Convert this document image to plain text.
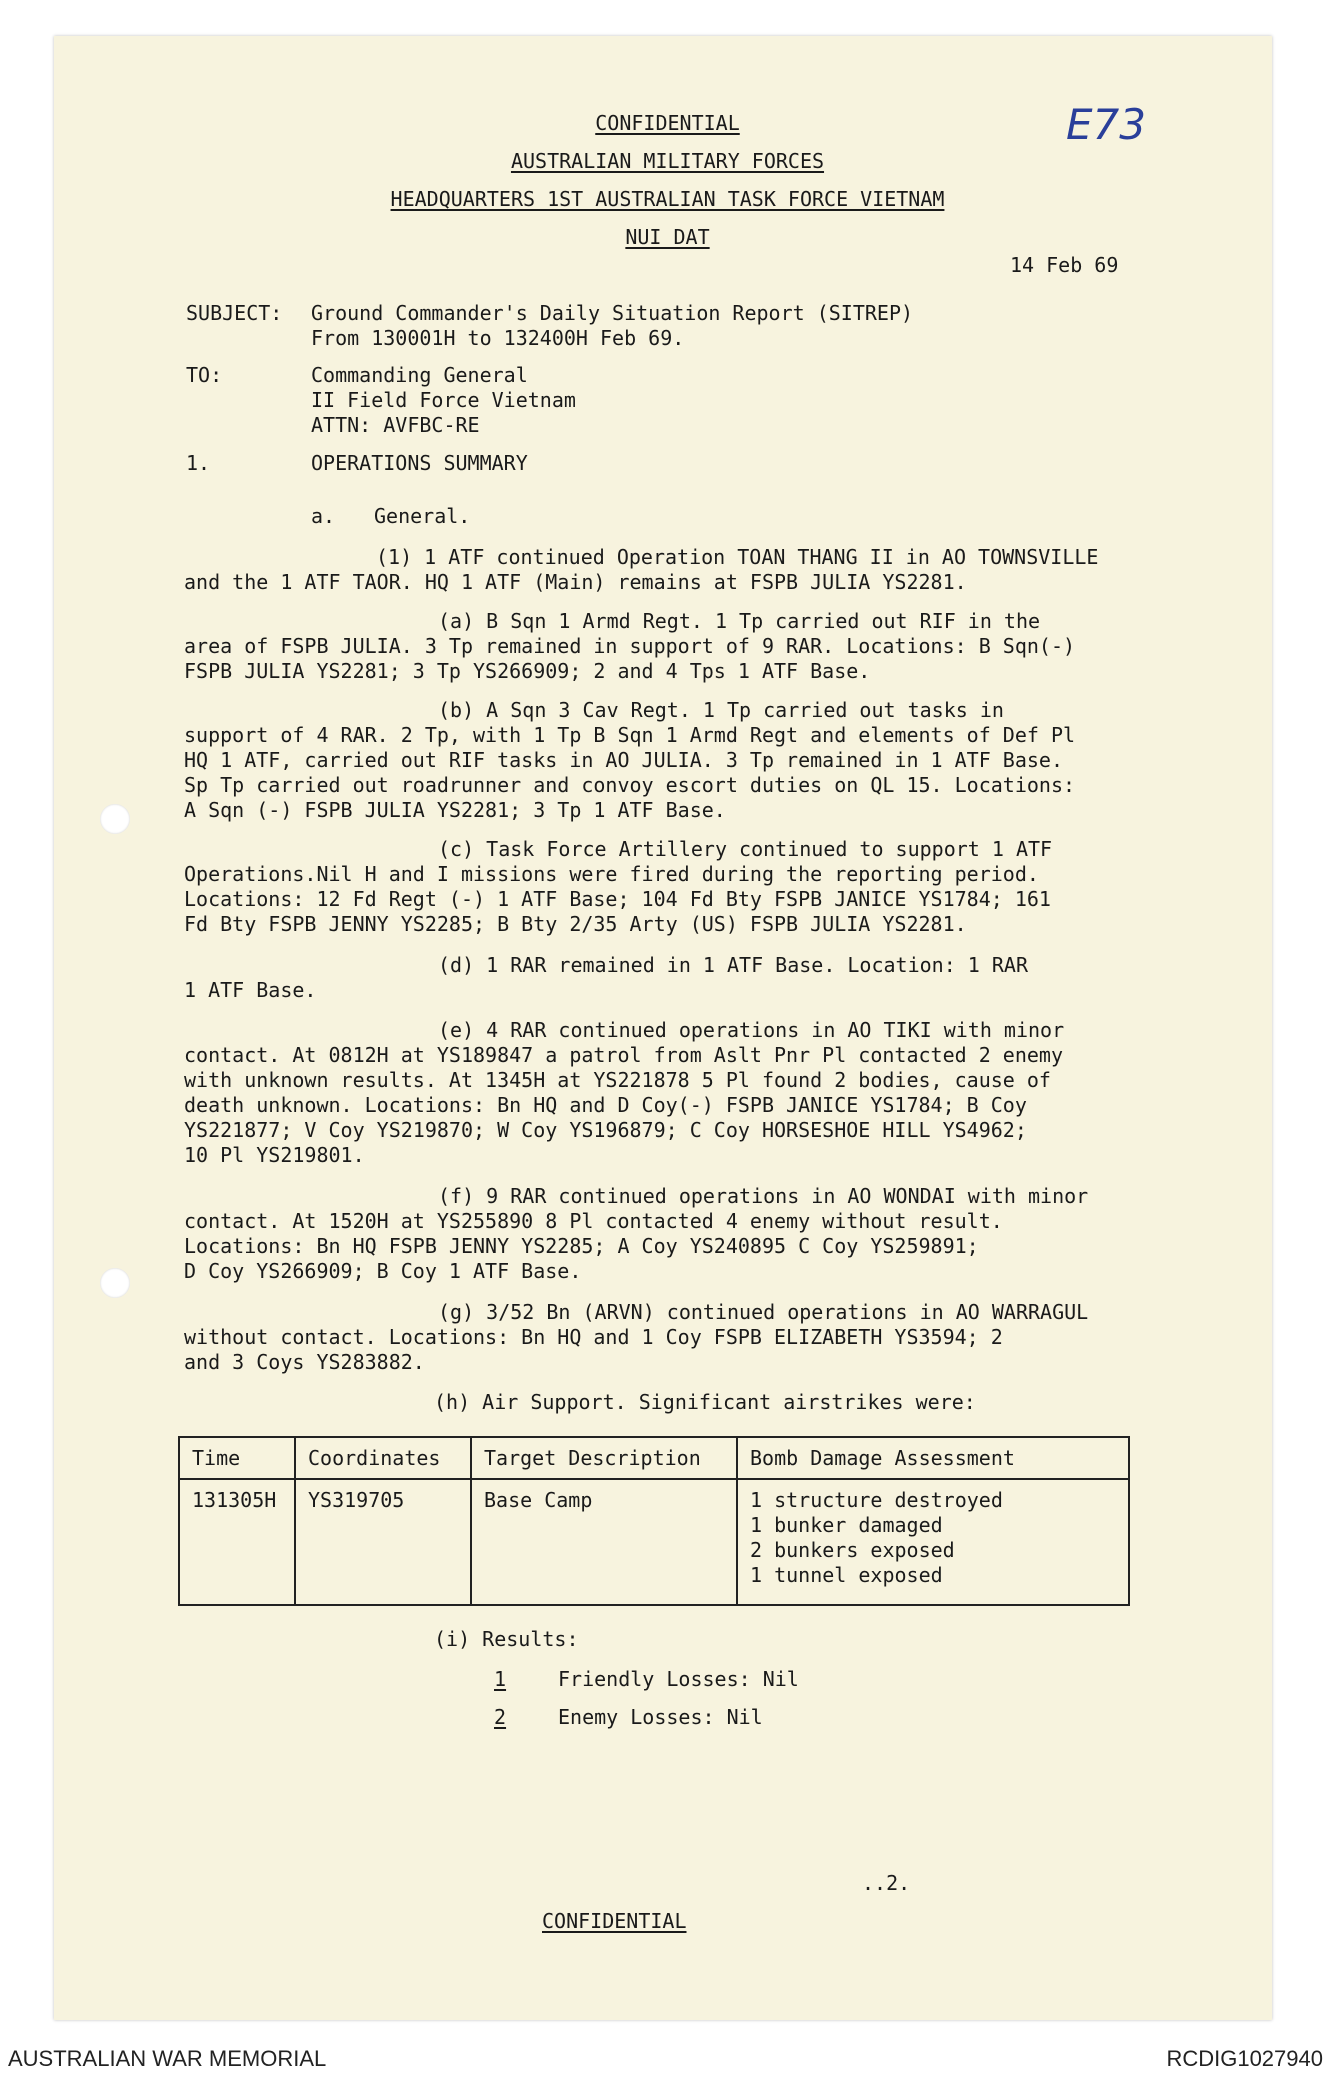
CONFIDENTIAL
AUSTRALIAN MILITARY FORCES
HEADQUARTERS 1ST AUSTRALIAN TASK FORCE VIETNAM
NUI DAT
E73
14 Feb 69
SUBJECT: Ground Commander's Daily Situation Report (SITREP)
From 130001H to 132400H Feb 69.
TO:	Commanding General
II Field Force Vietnam
ATTN: AVFBC-RE
1.	OPERATIONS SUMMARY
a. General.
(1) 1 ATF continued Operation TOAN THANG II in AO TOWNSVILLE
and the 1 ATF TAOR. HQ 1 ATF (Main) remains at FSPB JULIA YS2281.
(a) B Sqn 1 Armd Regt. 1 Tp carried out RIF in the
area of FSPB JULIA. 3 Tp remained in support of 9 RAR. Locations: B Sqn(-)
FSPB JULIA YS2281; 3 Tp YS266909; 2 and 4 Tps 1 ATF Base.
(b) A Sqn 3 Cav Regt. 1 Tp carried out tasks in
support of 4 RAR. 2 Tp, with 1 Tp B Sqn 1 Armd Regt and elements of Def Pl
HQ 1 ATF, carried out RIF tasks in AO JULIA. 3 Tp remained in 1 ATF Base.
Sp Tp carried out roadrunner and convoy escort duties on QL 15. Locations:
A Sqn (-) FSPB JULIA YS2281; 3 Tp 1 ATF Base.
(c) Task Force Artillery continued to support 1 ATF
Operations.Nil H and I missions were fired during the reporting period.
Locations: 12 Fd Regt (-) 1 ATF Base; 104 Fd Bty FSPB JANICE YS1784; 161
Fd Bty FSPB JENNY YS2285; B Bty 2/35 Arty (US) FSPB JULIA YS2281.
(d) 1 RAR remained in 1 ATF Base. Location: 1 RAR
1 ATF Base.
(e) 4 RAR continued operations in AO TIKI with minor
contact. At 0812H at YS189847 a patrol from Aslt Pnr Pl contacted 2 enemy
with unknown results. At 1345H at YS221878 5 Pl found 2 bodies, cause of
death unknown. Locations: Bn HQ and D Coy(-) FSPB JANICE YS1784; B Coy
YS221877; V Coy YS219870; W Coy YS196879; C Coy HORSESHOE HILL YS4962;
10 Pl YS219801.
(f) 9 RAR continued operations in AO WONDAI with minor
contact. At 1520H at YS255890 8 Pl contacted 4 enemy without result.
Locations: Bn HQ FSPB JENNY YS2285; A Coy YS240895 C Coy YS259891;
D Coy YS266909; B Coy 1 ATF Base.
(g) 3/52 Bn (ARVN) continued operations in AO WARRAGUL
without contact. Locations: Bn HQ and 1 Coy FSPB ELIZABETH YS3594; 2
and 3 Coys YS283882.
(h) Air Support. Significant airstrikes were:
Time	Coordinates	Target Description	Bomb Damage Assessment
131305H	YS319705	Base Camp	1 structure destroyed
1 bunker damaged
2 bunkers exposed
1 tunnel exposed
(i) Results:
1	Friendly Losses: Nil
2	Enemy Losses: Nil
..2.
CONFIDENTIAL
AUSTRALIAN WAR MEMORIAL	RCDIG1027940
